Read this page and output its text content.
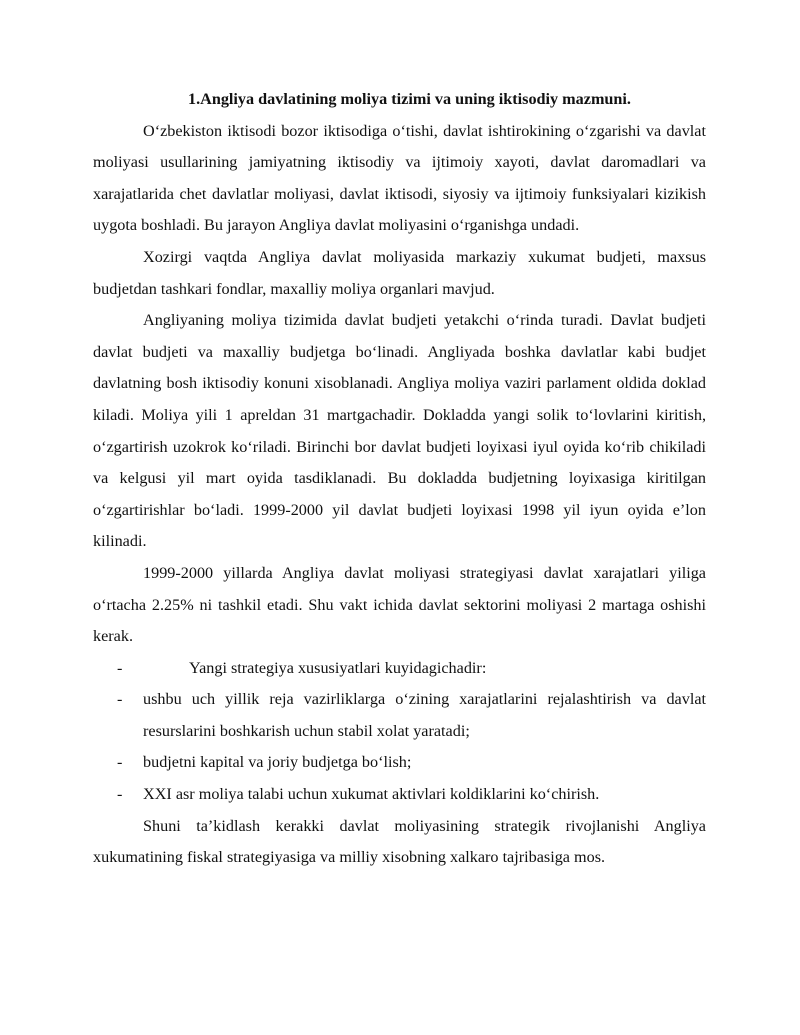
1.Angliya davlatining moliya tizimi va uning iktisodiy mazmuni.

O‘zbekiston iktisodi bozor iktisodiga o‘tishi, davlat ishtirokining o‘zgarishi va davlat moliyasi usullarining jamiyatning iktisodiy va ijtimoiy xayoti, davlat daromadlari va xarajatlarida chet davlatlar moliyasi, davlat iktisodi, siyosiy va ijtimoiy funksiyalari kizikish uygota boshladi. Bu jarayon Angliya davlat moliyasini o‘rganishga undadi.

Xozirgi vaqtda Angliya davlat moliyasida markaziy xukumat budjeti, maxsus budjetdan tashkari fondlar, maxalliy moliya organlari mavjud.

Angliyaning moliya tizimida davlat budjeti yetakchi o‘rinda turadi. Davlat budjeti davlat budjeti va maxalliy budjetga bo‘linadi. Angliyada boshka davlatlar kabi budjet davlatning bosh iktisodiy konuni xisoblanadi. Angliya moliya vaziri parlament oldida doklad kiladi. Moliya yili 1 apreldan 31 martgachadir. Dokladda yangi solik to‘lovlarini kiritish, o‘zgartirish uzokrok ko‘riladi. Birinchi bor davlat budjeti loyixasi iyul oyida ko‘rib chikiladi va kelgusi yil mart oyida tasdiklanadi. Bu dokladda budjetning loyixasiga kiritilgan o‘zgartirishlar bo‘ladi. 1999-2000 yil davlat budjeti loyixasi 1998 yil iyun oyida e’lon kilinadi.

1999-2000 yillarda Angliya davlat moliyasi strategiyasi davlat xarajatlari yiliga o‘rtacha 2.25% ni tashkil etadi. Shu vakt ichida davlat sektorini moliyasi 2 martaga oshishi kerak.

-	Yangi strategiya xususiyatlari kuyidagichadir:
- ushbu uch yillik reja vazirliklarga o‘zining xarajatlarini rejalashtirish va davlat resurslarini boshkarish uchun stabil xolat yaratadi;
- budjetni kapital va joriy budjetga bo‘lish;
- XXI asr moliya talabi uchun xukumat aktivlari koldiklarini ko‘chirish.

Shuni ta’kidlash kerakki davlat moliyasining strategik rivojlanishi Angliya xukumatining fiskal strategiyasiga va milliy xisobning xalkaro tajribasiga mos.
